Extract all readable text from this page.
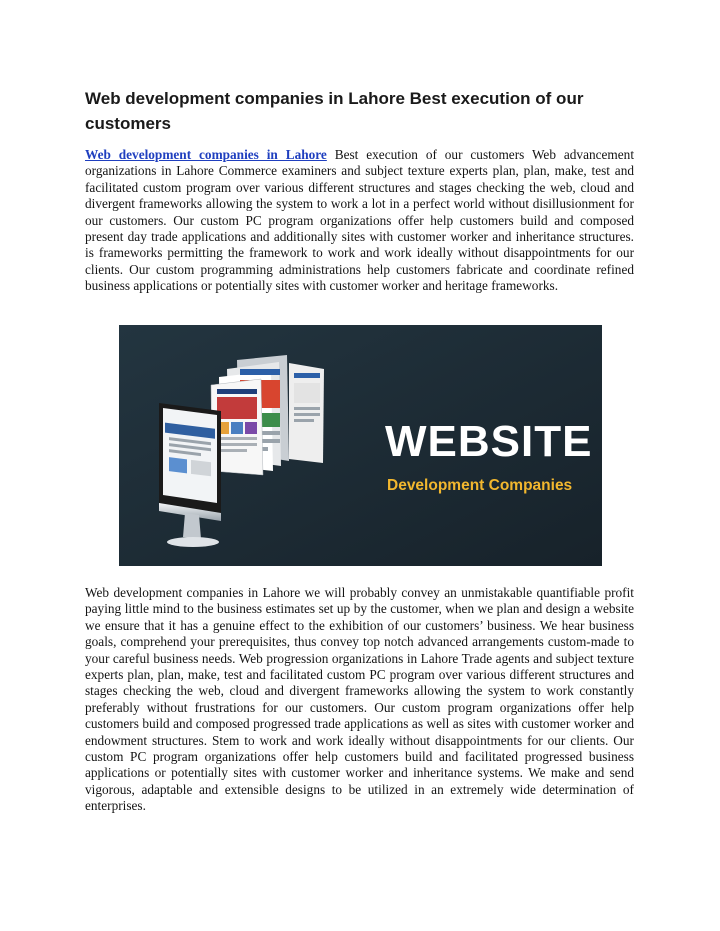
Web development companies in Lahore Best execution of our customers

Web development companies in Lahore Best execution of our customers Web advancement organizations in Lahore Commerce examiners and subject texture experts plan, plan, make, test and facilitated custom program over various different structures and stages checking the web, cloud and divergent frameworks allowing the system to work a lot in a perfect world without disillusionment for our customers. Our custom PC program organizations offer help customers build and composed present day trade applications and additionally sites with customer worker and inheritance structures. is frameworks permitting the framework to work and work ideally without disappointments for our clients. Our custom programming administrations help customers fabricate and coordinate refined business applications or potentially sites with customer worker and heritage frameworks.

WEBSITE
Development Companies

Web development companies in Lahore we will probably convey an unmistakable quantifiable profit paying little mind to the business estimates set up by the customer, when we plan and design a website we ensure that it has a genuine effect to the exhibition of our customers’ business. We hear business goals, comprehend your prerequisites, thus convey top notch advanced arrangements custom-made to your careful business needs. Web progression organizations in Lahore Trade agents and subject texture experts plan, plan, make, test and facilitated custom PC program over various different structures and stages checking the web, cloud and divergent frameworks allowing the system to work constantly preferably without frustrations for our customers. Our custom program organizations offer help customers build and composed progressed trade applications as well as sites with customer worker and endowment structures. Stem to work and work ideally without disappointments for our clients. Our custom PC program organizations offer help customers build and facilitated progressed business applications or potentially sites with customer worker and inheritance systems. We make and send vigorous, adaptable and extensible designs to be utilized in an extremely wide determination of enterprises.
